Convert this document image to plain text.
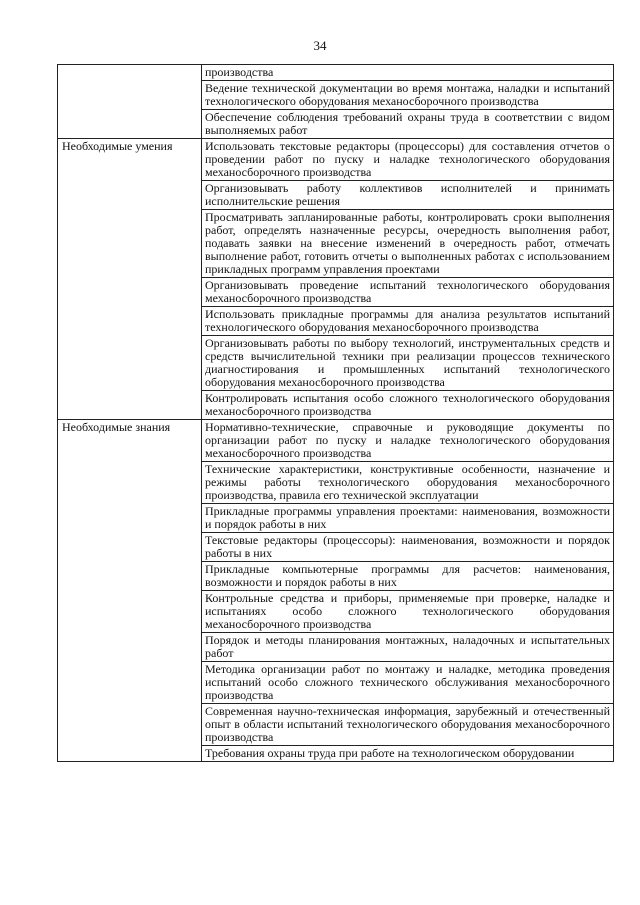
34

	производства

	Ведение технической документации во время монтажа, наладки и испытаний технологического оборудования механосборочного производства

	Обеспечение соблюдения требований охраны труда в соответствии с видом выполняемых работ

Необходимые умения	Использовать текстовые редакторы (процессоры) для составления отчетов о проведении работ по пуску и наладке технологического оборудования механосборочного производства

	Организовывать работу коллективов исполнителей и принимать исполнительские решения

	Просматривать запланированные работы, контролировать сроки выполнения работ, определять назначенные ресурсы, очередность выполнения работ, подавать заявки на внесение изменений в очередность работ, отмечать выполнение работ, готовить отчеты о выполненных работах с использованием прикладных программ управления проектами

	Организовывать проведение испытаний технологического оборудования механосборочного производства

	Использовать прикладные программы для анализа результатов испытаний технологического оборудования механосборочного производства

	Организовывать работы по выбору технологий, инструментальных средств и средств вычислительной техники при реализации процессов технического диагностирования и промышленных испытаний технологического оборудования механосборочного производства

	Контролировать испытания особо сложного технологического оборудования механосборочного производства

Необходимые знания	Нормативно-технические, справочные и руководящие документы по организации работ по пуску и наладке технологического оборудования механосборочного производства

	Технические характеристики, конструктивные особенности, назначение и режимы работы технологического оборудования механосборочного производства, правила его технической эксплуатации

	Прикладные программы управления проектами: наименования, возможности и порядок работы в них

	Текстовые редакторы (процессоры): наименования, возможности и порядок работы в них

	Прикладные компьютерные программы для расчетов: наименования, возможности и порядок работы в них

	Контрольные средства и приборы, применяемые при проверке, наладке и испытаниях особо сложного технологического оборудования механосборочного производства

	Порядок и методы планирования монтажных, наладочных и испытательных работ

	Методика организации работ по монтажу и наладке, методика проведения испытаний особо сложного технического обслуживания механосборочного производства

	Современная научно-техническая информация, зарубежный и отечественный опыт в области испытаний технологического оборудования механосборочного производства

	Требования охраны труда при работе на технологическом оборудовании
